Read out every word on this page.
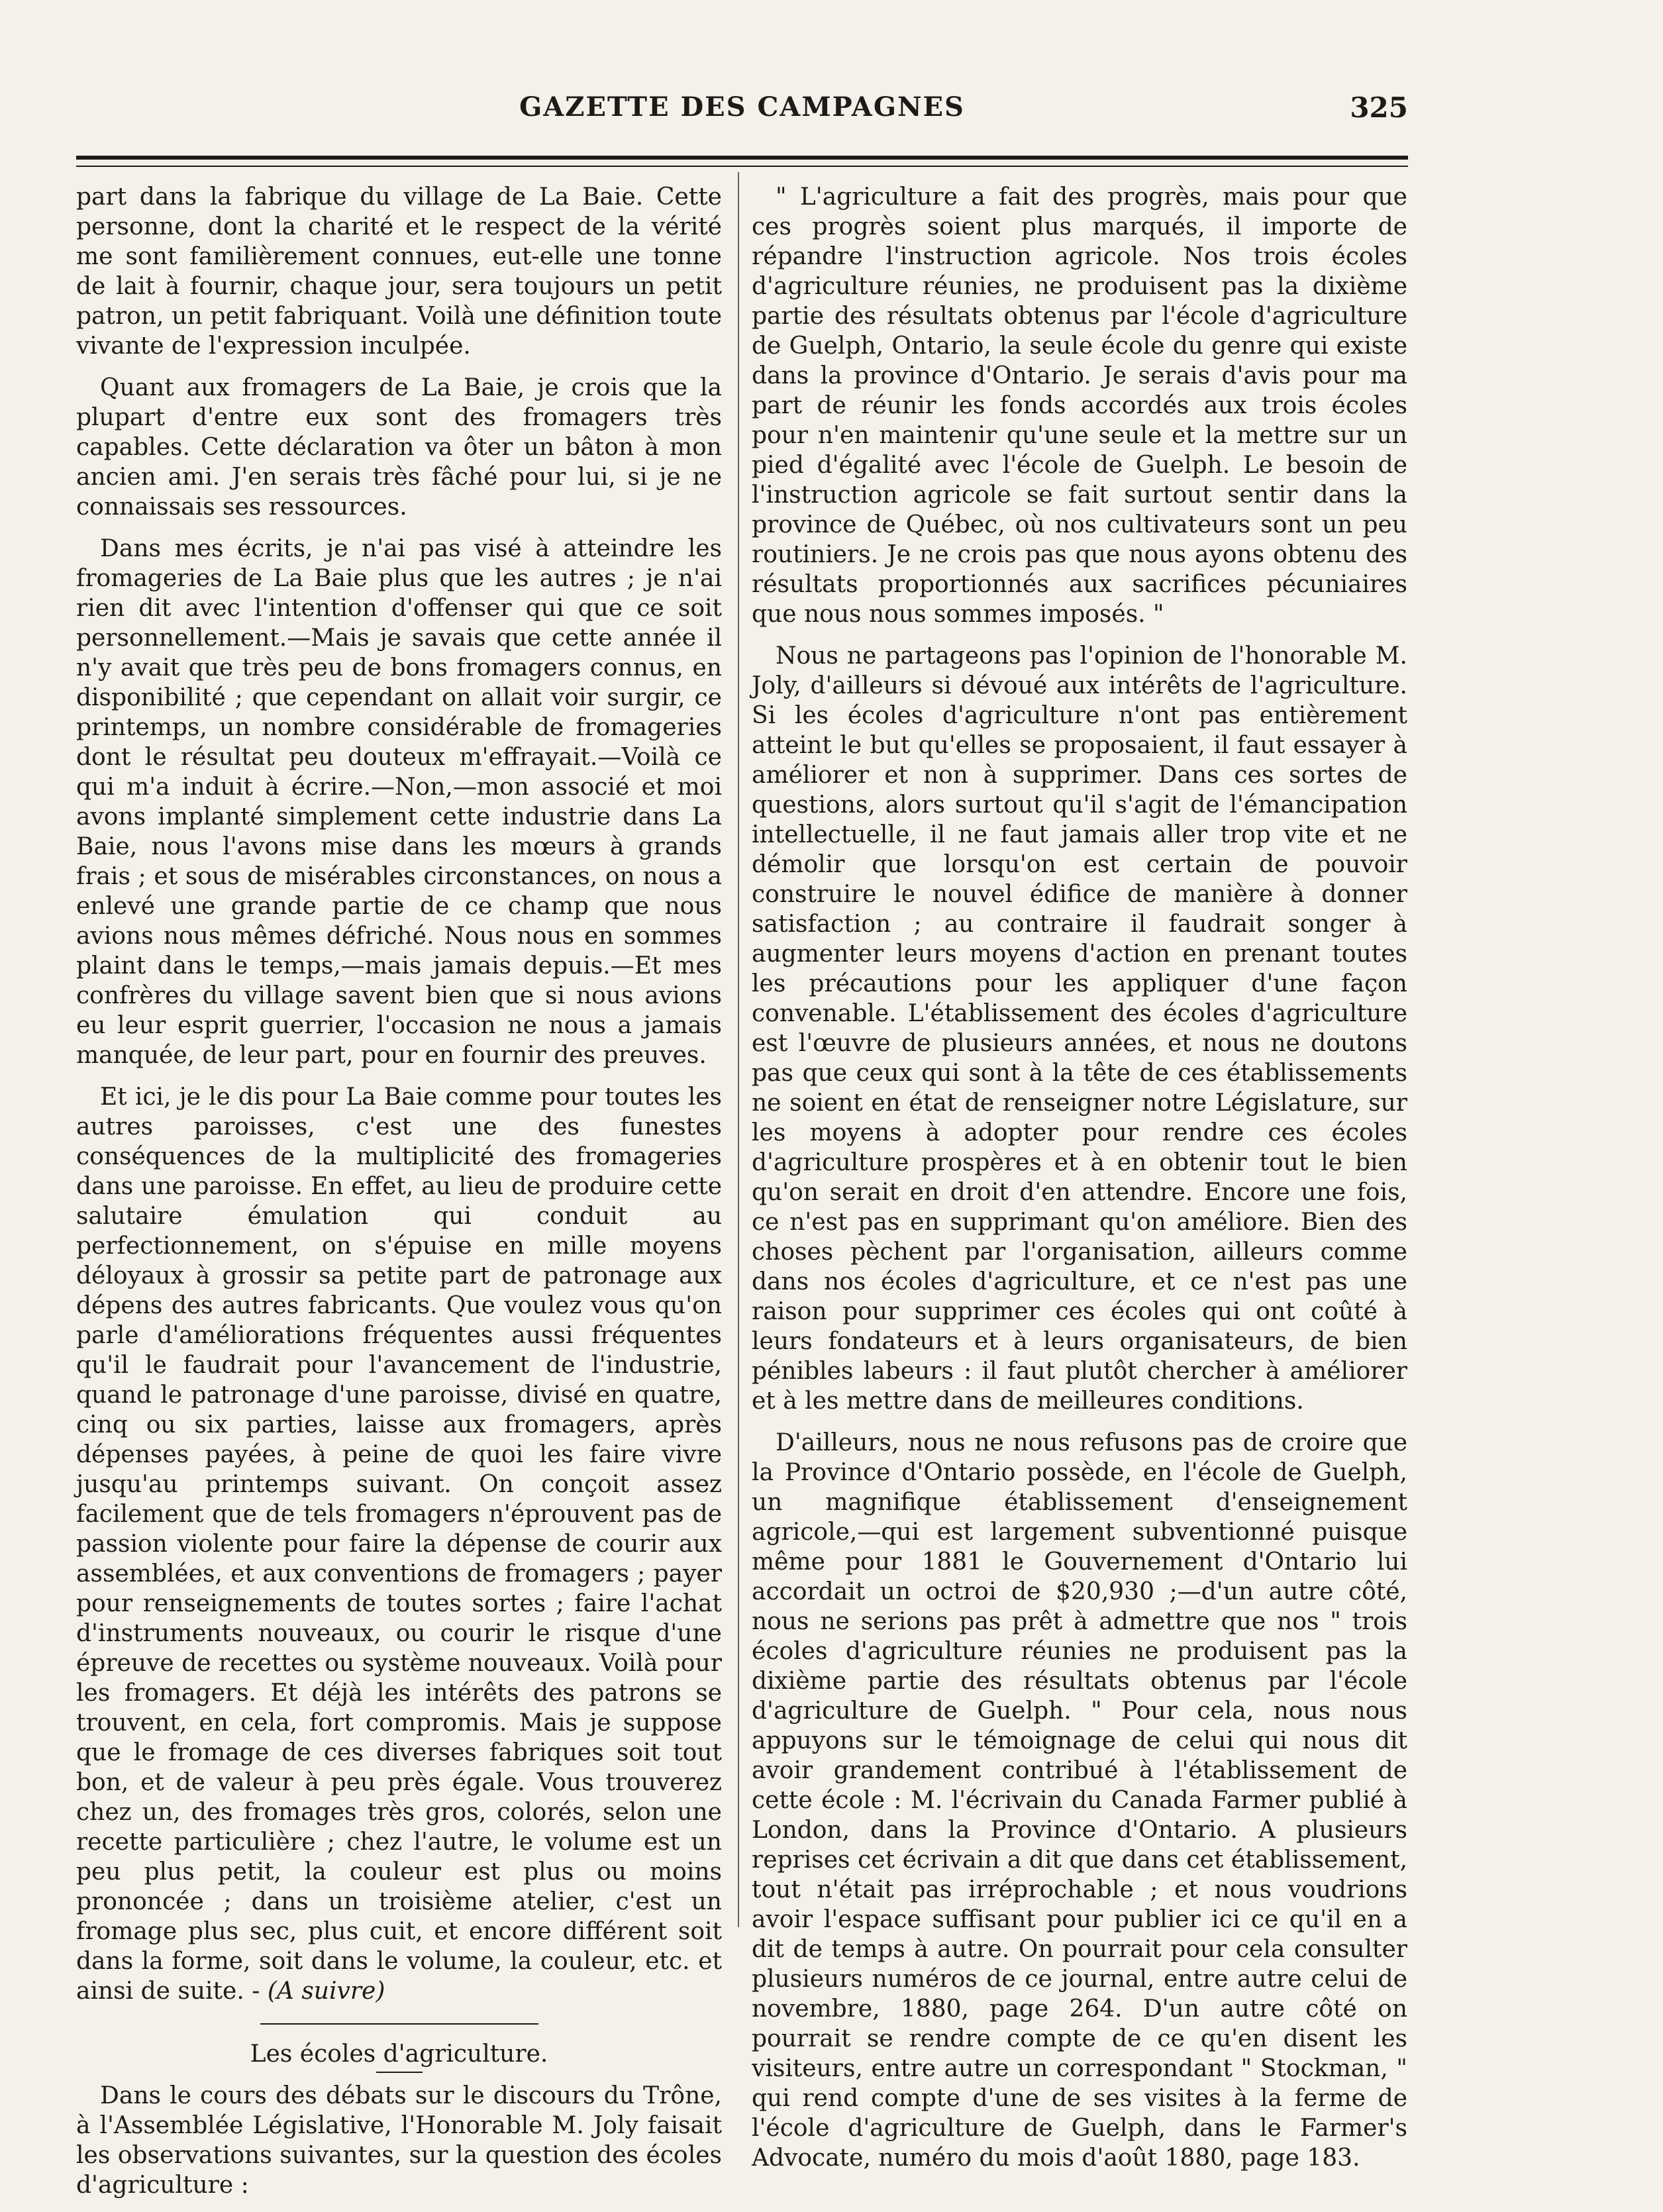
GAZETTE DES CAMPAGNES	325

part dans la fabrique du village de La Baie. Cette personne, dont la charité et le respect de la vérité me sont familièrement connues, eut-elle une tonne de lait à fournir, chaque jour, sera toujours un petit patron, un petit fabriquant. Voilà une définition toute vivante de l'expression inculpée.

Quant aux fromagers de La Baie, je crois que la plupart d'entre eux sont des fromagers très capables. Cette déclaration va ôter un bâton à mon ancien ami. J'en serais très fâché pour lui, si je ne connaissais ses ressources.

Dans mes écrits, je n'ai pas visé à atteindre les fromageries de La Baie plus que les autres ; je n'ai rien dit avec l'intention d'offenser qui que ce soit personnellement.—Mais je savais que cette année il n'y avait que très peu de bons fromagers connus, en disponibilité ; que cependant on allait voir surgir, ce printemps, un nombre considérable de fromageries dont le résultat peu douteux m'effrayait.—Voilà ce qui m'a induit à écrire.—Non,—mon associé et moi avons implanté simplement cette industrie dans La Baie, nous l'avons mise dans les mœurs à grands frais ; et sous de misérables circonstances, on nous a enlevé une grande partie de ce champ que nous avions nous mêmes défriché. Nous nous en sommes plaint dans le temps,—mais jamais depuis.—Et mes confrères du village savent bien que si nous avions eu leur esprit guerrier, l'occasion ne nous a jamais manquée, de leur part, pour en fournir des preuves.

Et ici, je le dis pour La Baie comme pour toutes les autres paroisses, c'est une des funestes conséquences de la multiplicité des fromageries dans une paroisse. En effet, au lieu de produire cette salutaire émulation qui conduit au perfectionnement, on s'épuise en mille moyens déloyaux à grossir sa petite part de patronage aux dépens des autres fabricants. Que voulez vous qu'on parle d'améliorations fréquentes aussi fréquentes qu'il le faudrait pour l'avancement de l'industrie, quand le patronage d'une paroisse, divisé en quatre, cinq ou six parties, laisse aux fromagers, après dépenses payées, à peine de quoi les faire vivre jusqu'au printemps suivant. On conçoit assez facilement que de tels fromagers n'éprouvent pas de passion violente pour faire la dépense de courir aux assemblées, et aux conventions de fromagers ; payer pour renseignements de toutes sortes ; faire l'achat d'instruments nouveaux, ou courir le risque d'une épreuve de recettes ou système nouveaux. Voilà pour les fromagers. Et déjà les intérêts des patrons se trouvent, en cela, fort compromis. Mais je suppose que le fromage de ces diverses fabriques soit tout bon, et de valeur à peu près égale. Vous trouverez chez un, des fromages très gros, colorés, selon une recette particulière ; chez l'autre, le volume est un peu plus petit, la couleur est plus ou moins prononcée ; dans un troisième atelier, c'est un fromage plus sec, plus cuit, et encore différent soit dans la forme, soit dans le volume, la couleur, etc. et ainsi de suite. - (A suivre)

Les écoles d'agriculture.

Dans le cours des débats sur le discours du Trône, à l'Assemblée Législative, l'Honorable M. Joly faisait les observations suivantes, sur la question des écoles d'agriculture :

" L'agriculture a fait des progrès, mais pour que ces progrès soient plus marqués, il importe de répandre l'instruction agricole. Nos trois écoles d'agriculture réunies, ne produisent pas la dixième partie des résultats obtenus par l'école d'agriculture de Guelph, Ontario, la seule école du genre qui existe dans la province d'Ontario. Je serais d'avis pour ma part de réunir les fonds accordés aux trois écoles pour n'en maintenir qu'une seule et la mettre sur un pied d'égalité avec l'école de Guelph. Le besoin de l'instruction agricole se fait surtout sentir dans la province de Québec, où nos cultivateurs sont un peu routiniers. Je ne crois pas que nous ayons obtenu des résultats proportionnés aux sacrifices pécuniaires que nous nous sommes imposés. "

Nous ne partageons pas l'opinion de l'honorable M. Joly, d'ailleurs si dévoué aux intérêts de l'agriculture. Si les écoles d'agriculture n'ont pas entièrement atteint le but qu'elles se proposaient, il faut essayer à améliorer et non à supprimer. Dans ces sortes de questions, alors surtout qu'il s'agit de l'émancipation intellectuelle, il ne faut jamais aller trop vite et ne démolir que lorsqu'on est certain de pouvoir construire le nouvel édifice de manière à donner satisfaction ; au contraire il faudrait songer à augmenter leurs moyens d'action en prenant toutes les précautions pour les appliquer d'une façon convenable. L'établissement des écoles d'agriculture est l'œuvre de plusieurs années, et nous ne doutons pas que ceux qui sont à la tête de ces établissements ne soient en état de renseigner notre Législature, sur les moyens à adopter pour rendre ces écoles d'agriculture prospères et à en obtenir tout le bien qu'on serait en droit d'en attendre. Encore une fois, ce n'est pas en supprimant qu'on améliore. Bien des choses pèchent par l'organisation, ailleurs comme dans nos écoles d'agriculture, et ce n'est pas une raison pour supprimer ces écoles qui ont coûté à leurs fondateurs et à leurs organisateurs, de bien pénibles labeurs : il faut plutôt chercher à améliorer et à les mettre dans de meilleures conditions.

D'ailleurs, nous ne nous refusons pas de croire que la Province d'Ontario possède, en l'école de Guelph, un magnifique établissement d'enseignement agricole,—qui est largement subventionné puisque même pour 1881 le Gouvernement d'Ontario lui accordait un octroi de $20,930 ;—d'un autre côté, nous ne serions pas prêt à admettre que nos " trois écoles d'agriculture réunies ne produisent pas la dixième partie des résultats obtenus par l'école d'agriculture de Guelph. " Pour cela, nous nous appuyons sur le témoignage de celui qui nous dit avoir grandement contribué à l'établissement de cette école : M. l'écrivain du Canada Farmer publié à London, dans la Province d'Ontario. A plusieurs reprises cet écrivain a dit que dans cet établissement, tout n'était pas irréprochable ; et nous voudrions avoir l'espace suffisant pour publier ici ce qu'il en a dit de temps à autre. On pourrait pour cela consulter plusieurs numéros de ce journal, entre autre celui de novembre, 1880, page 264. D'un autre côté on pourrait se rendre compte de ce qu'en disent les visiteurs, entre autre un correspondant " Stockman, " qui rend compte d'une de ses visites à la ferme de l'école d'agriculture de Guelph, dans le Farmer's Advocate, numéro du mois d'août 1880, page 183.
